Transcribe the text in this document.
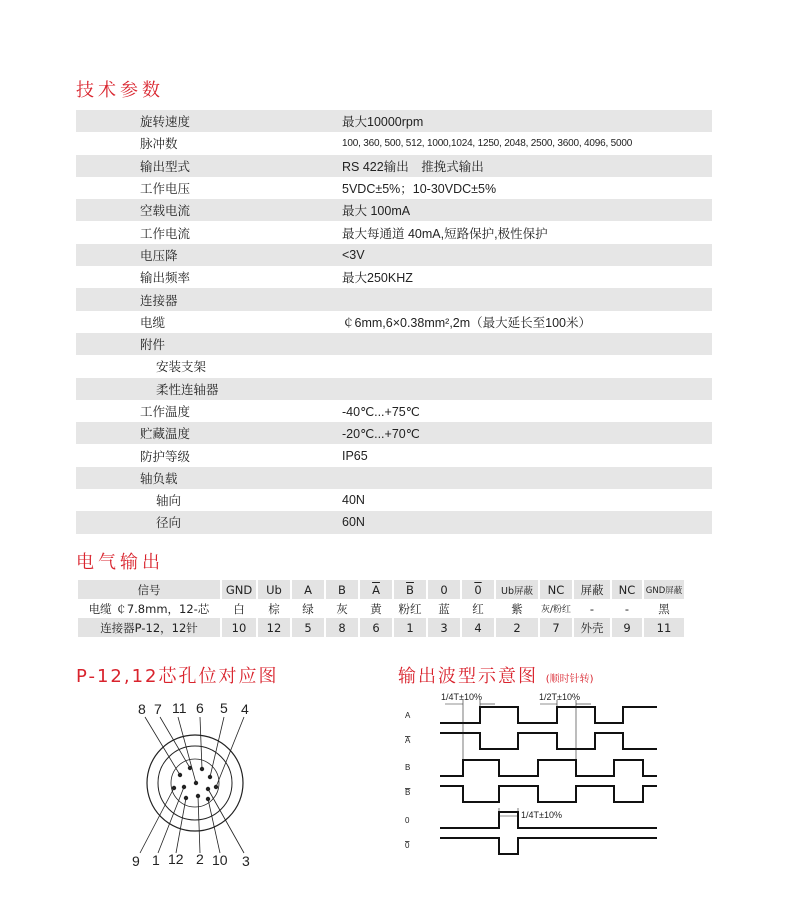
技术参数
旋转速度	最大10000rpm
脉冲数	100, 360, 500, 512, 1000,1024, 1250, 2048, 2500, 3600, 4096, 5000
输出型式	RS 422输出　推挽式输出
工作电压	5VDC±5%；10-30VDC±5%
空载电流	最大 100mA
工作电流	最大每通道 40mA,短路保护,极性保护
电压降	<3V
输出频率	最大250KHZ
连接器
电缆	￠6mm,6×0.38mm²,2m（最大延长至100米）
附件
安装支架
柔性连轴器
工作温度	-40℃...+75℃
贮藏温度	-20℃...+70℃
防护等级	IP65
轴负载
轴向	40N
径向	60N
电气输出
信号	GND	Ub	A	B	$\overline{A}$	$\overline{B}$	0	0	Ub屏蔽	NC	屏蔽	NC	GND屏蔽
电缆 ￠7.8mm，12-芯	白	棕	绿	灰	黄	粉红	蓝	红	紫	灰/粉红	-	-	黑
连接器P-12，12针	10	12	5	8	6	1	3	4	2	7	外壳	9	11
P-12,12芯孔位对应图
8 7 11 6 5 4
9 1 12 2 10 3
输出波型示意图 (顺时针转)
A
A
B
B
0
0
1/4T±10%	1/2T±10%
1/4T±10%
